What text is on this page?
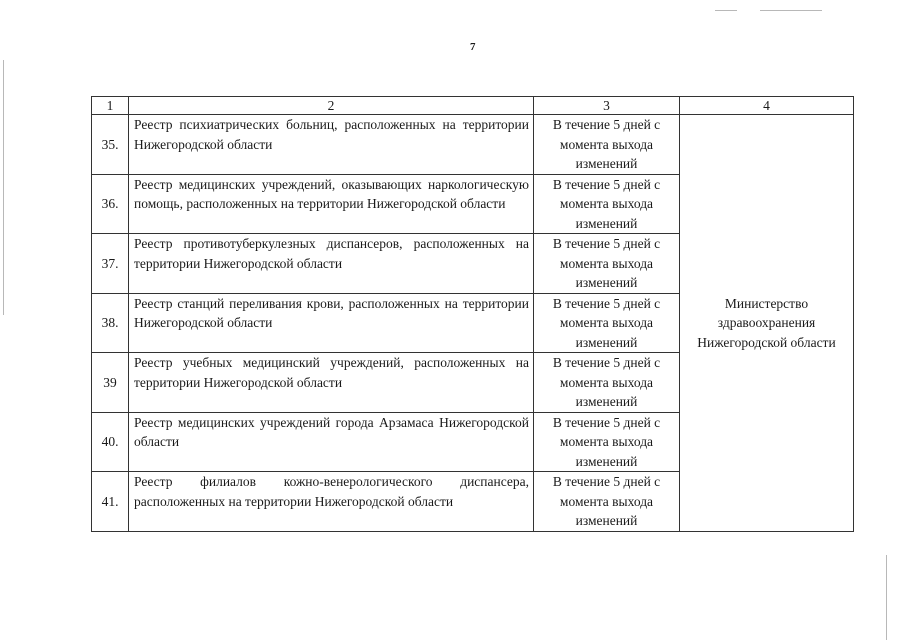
7
1	2	3	4
35.	Реестр психиатрических больниц, расположенных на территории Нижегородской области	В течение 5 дней с момента выхода изменений	Министерство здравоохранения Нижегородской области
36.	Реестр медицинских учреждений, оказывающих наркологическую помощь, расположенных на территории Нижегородской области	В течение 5 дней с момента выхода изменений	
37.	Реестр противотуберкулезных диспансеров, расположенных на территории Нижегородской области	В течение 5 дней с момента выхода изменений	
38.	Реестр станций переливания крови, расположенных на территории Нижегородской области	В течение 5 дней с момента выхода изменений	
39	Реестр учебных медицинский учреждений, расположенных на территории Нижегородской области	В течение 5 дней с момента выхода изменений	
40.	Реестр медицинских учреждений города Арзамаса Нижегородской области	В течение 5 дней с момента выхода изменений	
41.	Реестр филиалов кожно-венерологического диспансера, расположенных на территории Нижегородской области	В течение 5 дней с момента выхода изменений	
